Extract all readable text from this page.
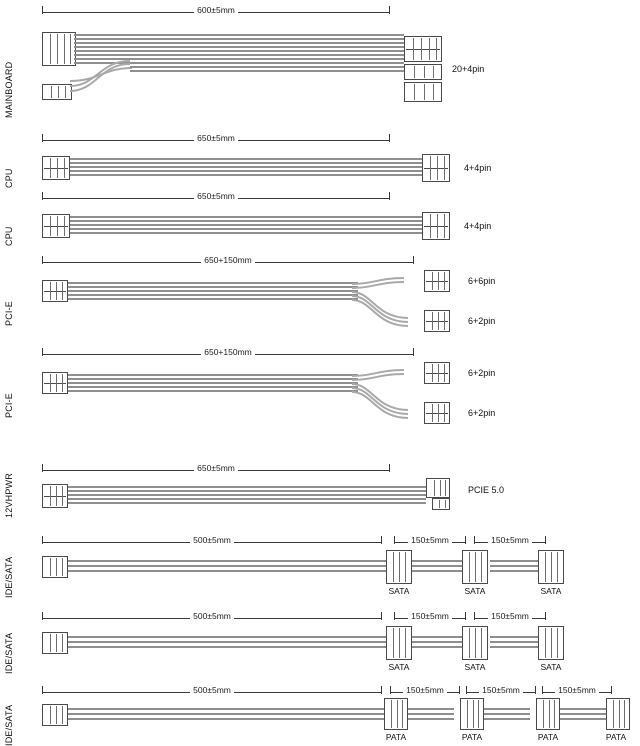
MAINBOARD
600±5mm
20+4pin
CPU
650±5mm
4+4pin
CPU
650±5mm
4+4pin
PCI-E
650+150mm
6+6pin
6+2pin
PCI-E
650+150mm
6+2pin
6+2pin
12VHPWR
650±5mm
PCIE 5.0
IDE/SATA
500±5mm	150±5mm	150±5mm
SATA	SATA	SATA
IDE/SATA
500±5mm	150±5mm	150±5mm
SATA	SATA	SATA
IDE/SATA
500±5mm	150±5mm	150±5mm	150±5mm
PATA	PATA	PATA	PATA
